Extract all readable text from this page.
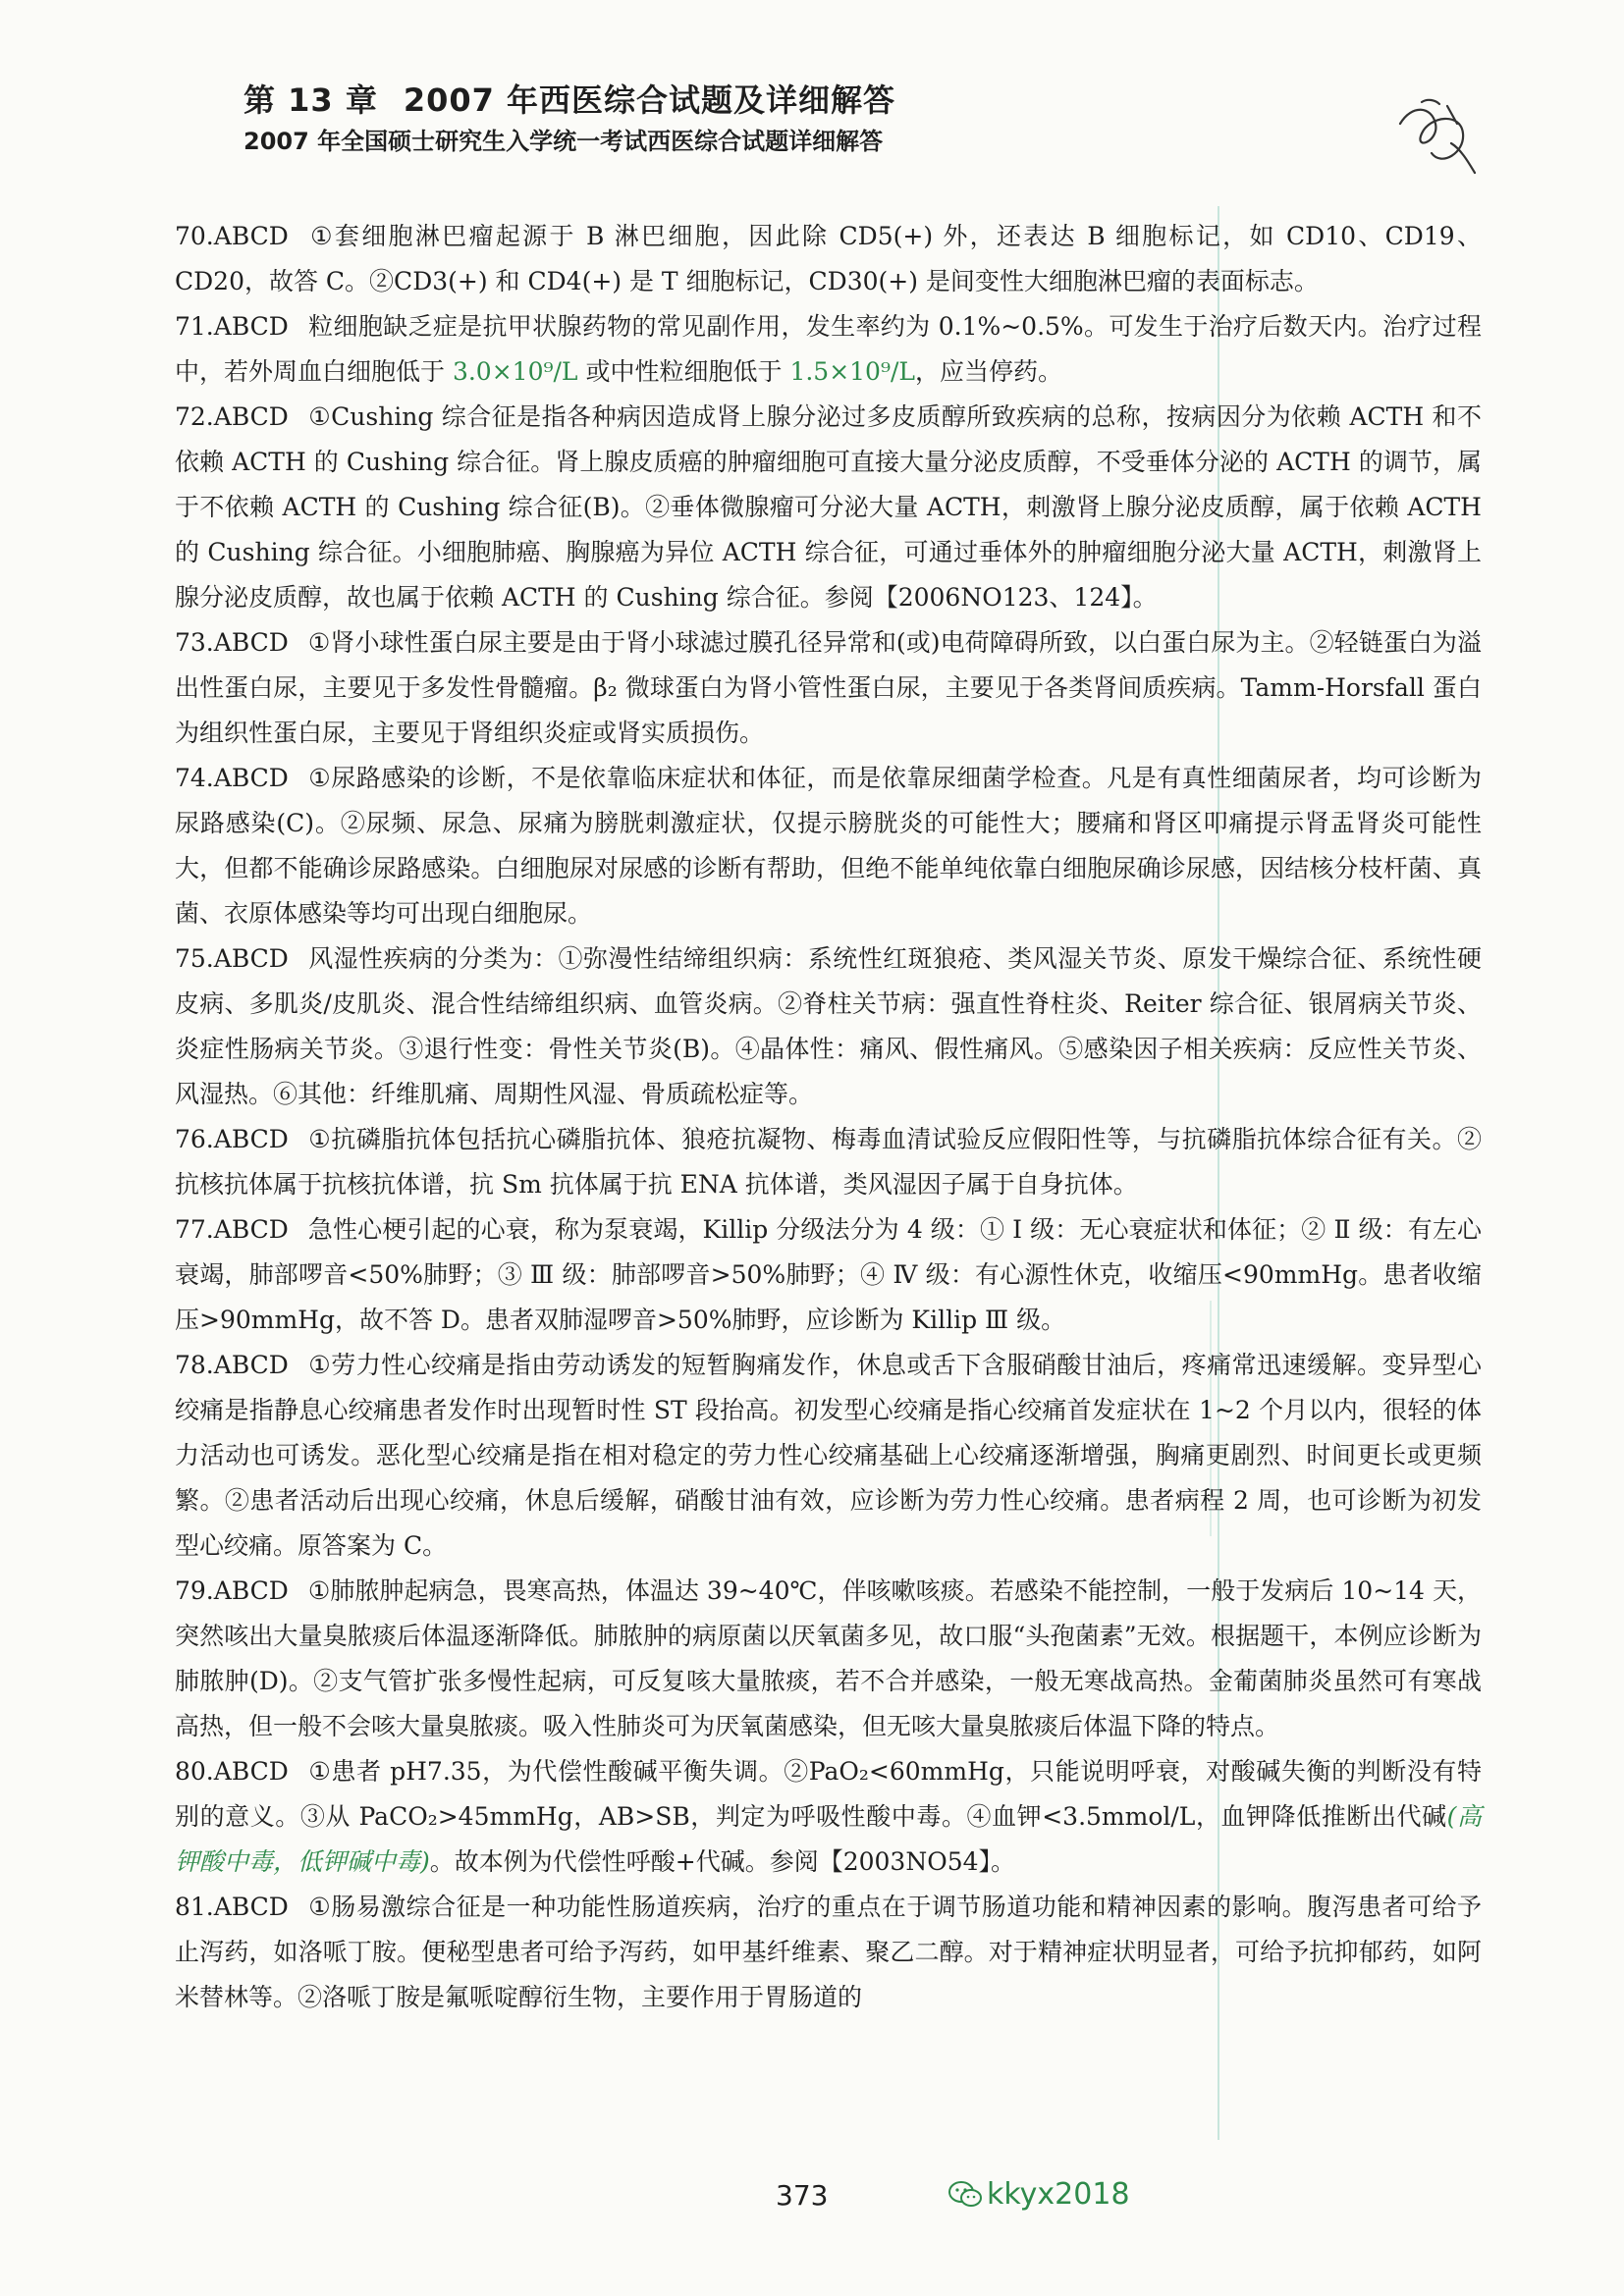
第 13 章 2007 年西医综合试题及详细解答
2007 年全国硕士研究生入学统一考试西医综合试题详细解答

70.ABCD ①套细胞淋巴瘤起源于 B 淋巴细胞，因此除 CD5(+) 外，还表达 B 细胞标记，如 CD10、CD19、CD20，故答 C。②CD3(+) 和 CD4(+) 是 T 细胞标记，CD30(+) 是间变性大细胞淋巴瘤的表面标志。

71.ABCD 粒细胞缺乏症是抗甲状腺药物的常见副作用，发生率约为 0.1%~0.5%。可发生于治疗后数天内。治疗过程中，若外周血白细胞低于 3.0×10⁹/L 或中性粒细胞低于 1.5×10⁹/L，应当停药。

72.ABCD ①Cushing 综合征是指各种病因造成肾上腺分泌过多皮质醇所致疾病的总称，按病因分为依赖 ACTH 和不依赖 ACTH 的 Cushing 综合征。肾上腺皮质癌的肿瘤细胞可直接大量分泌皮质醇，不受垂体分泌的 ACTH 的调节，属于不依赖 ACTH 的 Cushing 综合征(B)。②垂体微腺瘤可分泌大量 ACTH，刺激肾上腺分泌皮质醇，属于依赖 ACTH 的 Cushing 综合征。小细胞肺癌、胸腺癌为异位 ACTH 综合征，可通过垂体外的肿瘤细胞分泌大量 ACTH，刺激肾上腺分泌皮质醇，故也属于依赖 ACTH 的 Cushing 综合征。参阅【2006NO123、124】。

73.ABCD ①肾小球性蛋白尿主要是由于肾小球滤过膜孔径异常和(或)电荷障碍所致，以白蛋白尿为主。②轻链蛋白为溢出性蛋白尿，主要见于多发性骨髓瘤。β₂ 微球蛋白为肾小管性蛋白尿，主要见于各类肾间质疾病。Tamm-Horsfall 蛋白为组织性蛋白尿，主要见于肾组织炎症或肾实质损伤。

74.ABCD ①尿路感染的诊断，不是依靠临床症状和体征，而是依靠尿细菌学检查。凡是有真性细菌尿者，均可诊断为尿路感染(C)。②尿频、尿急、尿痛为膀胱刺激症状，仅提示膀胱炎的可能性大；腰痛和肾区叩痛提示肾盂肾炎可能性大，但都不能确诊尿路感染。白细胞尿对尿感的诊断有帮助，但绝不能单纯依靠白细胞尿确诊尿感，因结核分枝杆菌、真菌、衣原体感染等均可出现白细胞尿。

75.ABCD 风湿性疾病的分类为：①弥漫性结缔组织病：系统性红斑狼疮、类风湿关节炎、原发干燥综合征、系统性硬皮病、多肌炎/皮肌炎、混合性结缔组织病、血管炎病。②脊柱关节病：强直性脊柱炎、Reiter 综合征、银屑病关节炎、炎症性肠病关节炎。③退行性变：骨性关节炎(B)。④晶体性：痛风、假性痛风。⑤感染因子相关疾病：反应性关节炎、风湿热。⑥其他：纤维肌痛、周期性风湿、骨质疏松症等。

76.ABCD ①抗磷脂抗体包括抗心磷脂抗体、狼疮抗凝物、梅毒血清试验反应假阳性等，与抗磷脂抗体综合征有关。②抗核抗体属于抗核抗体谱，抗 Sm 抗体属于抗 ENA 抗体谱，类风湿因子属于自身抗体。

77.ABCD 急性心梗引起的心衰，称为泵衰竭，Killip 分级法分为 4 级：① Ⅰ 级：无心衰症状和体征；② Ⅱ 级：有左心衰竭，肺部啰音<50%肺野；③ Ⅲ 级：肺部啰音>50%肺野；④ Ⅳ 级：有心源性休克，收缩压<90mmHg。患者收缩压>90mmHg，故不答 D。患者双肺湿啰音>50%肺野，应诊断为 Killip Ⅲ 级。

78.ABCD ①劳力性心绞痛是指由劳动诱发的短暂胸痛发作，休息或舌下含服硝酸甘油后，疼痛常迅速缓解。变异型心绞痛是指静息心绞痛患者发作时出现暂时性 ST 段抬高。初发型心绞痛是指心绞痛首发症状在 1~2 个月以内，很轻的体力活动也可诱发。恶化型心绞痛是指在相对稳定的劳力性心绞痛基础上心绞痛逐渐增强，胸痛更剧烈、时间更长或更频繁。②患者活动后出现心绞痛，休息后缓解，硝酸甘油有效，应诊断为劳力性心绞痛。患者病程 2 周，也可诊断为初发型心绞痛。原答案为 C。

79.ABCD ①肺脓肿起病急，畏寒高热，体温达 39~40℃，伴咳嗽咳痰。若感染不能控制，一般于发病后 10~14 天，突然咳出大量臭脓痰后体温逐渐降低。肺脓肿的病原菌以厌氧菌多见，故口服“头孢菌素”无效。根据题干，本例应诊断为肺脓肿(D)。②支气管扩张多慢性起病，可反复咳大量脓痰，若不合并感染，一般无寒战高热。金葡菌肺炎虽然可有寒战高热，但一般不会咳大量臭脓痰。吸入性肺炎可为厌氧菌感染，但无咳大量臭脓痰后体温下降的特点。

80.ABCD ①患者 pH7.35，为代偿性酸碱平衡失调。②PaO₂<60mmHg，只能说明呼衰，对酸碱失衡的判断没有特别的意义。③从 PaCO₂>45mmHg，AB>SB，判定为呼吸性酸中毒。④血钾<3.5mmol/L，血钾降低推断出代碱(高钾酸中毒，低钾碱中毒)。故本例为代偿性呼酸+代碱。参阅【2003NO54】。

81.ABCD ①肠易激综合征是一种功能性肠道疾病，治疗的重点在于调节肠道功能和精神因素的影响。腹泻患者可给予止泻药，如洛哌丁胺。便秘型患者可给予泻药，如甲基纤维素、聚乙二醇。对于精神症状明显者，可给予抗抑郁药，如阿米替林等。②洛哌丁胺是氟哌啶醇衍生物，主要作用于胃肠道的

373	kkyx2018
